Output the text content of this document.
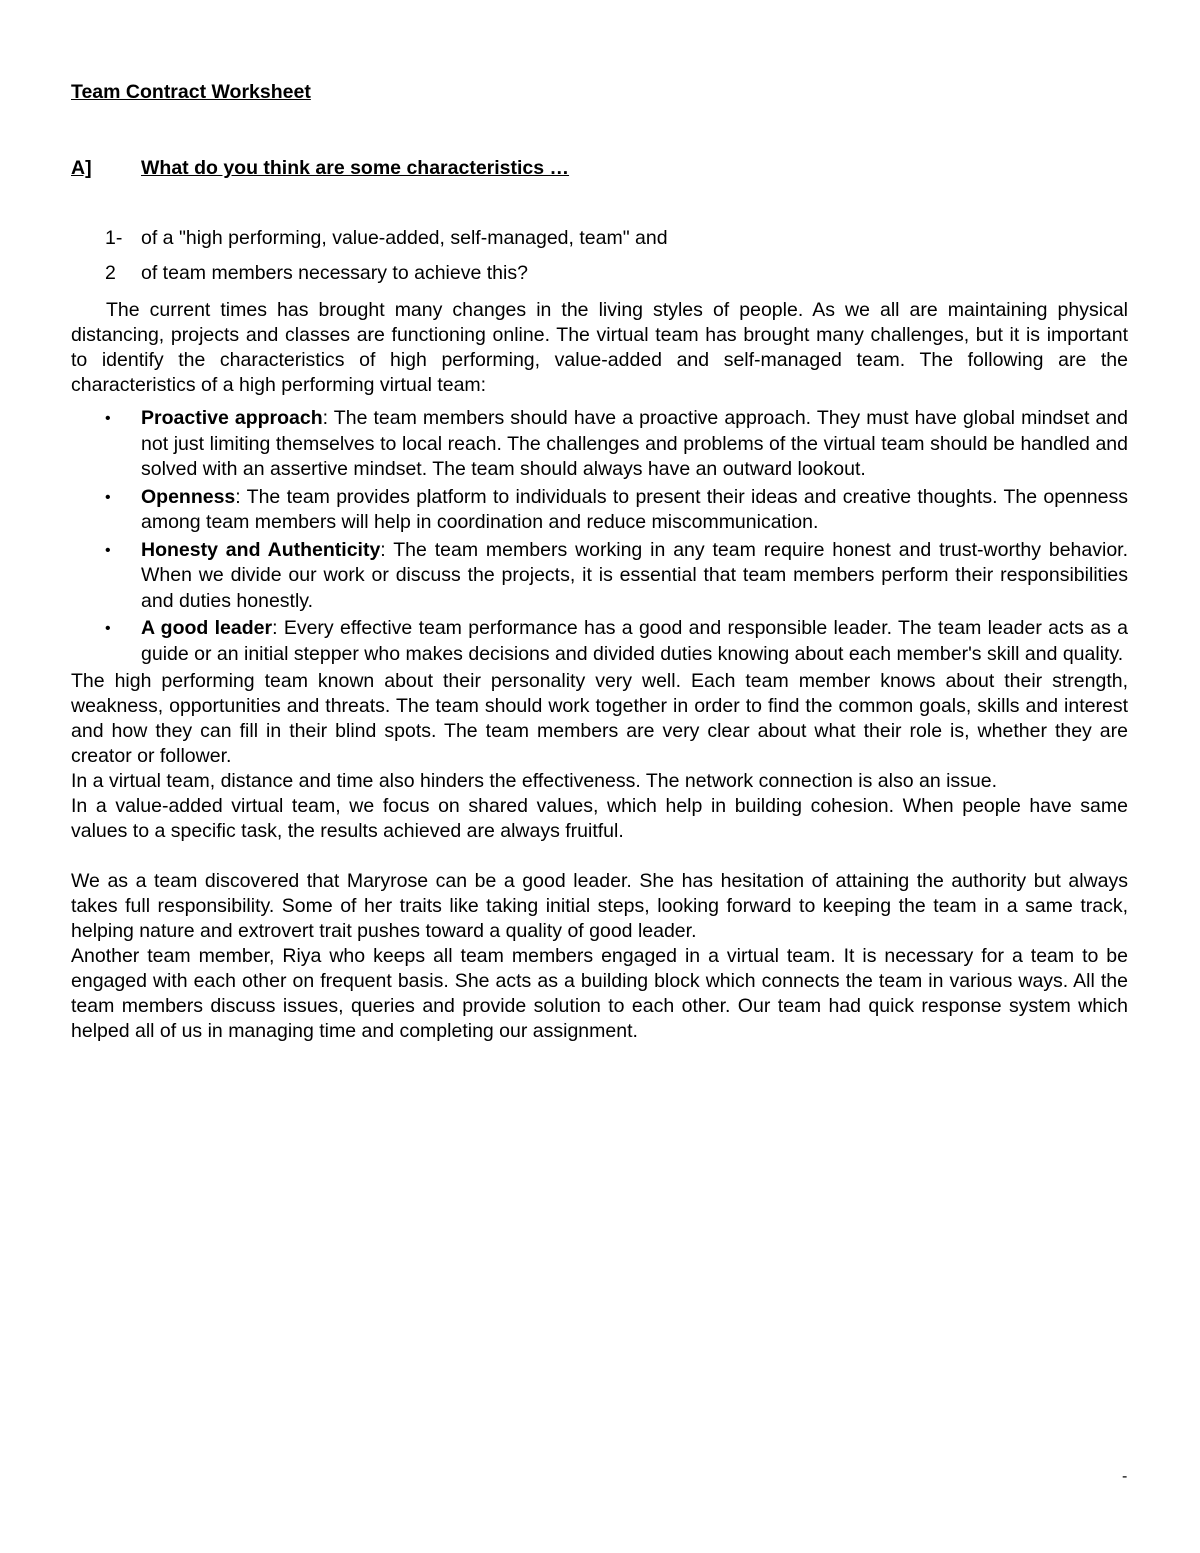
Team Contract Worksheet
A]	What do you think are some characteristics …
1- of a "high performing, value-added, self-managed, team" and
2	of team members necessary to achieve this?

The current times has brought many changes in the living styles of people. As we all are maintaining physical distancing, projects and classes are functioning online. The virtual team has brought many challenges, but it is important to identify the characteristics of high performing, value-added and self-managed team. The following are the characteristics of a high performing virtual team:

•	Proactive approach: The team members should have a proactive approach. They must have global mindset and not just limiting themselves to local reach. The challenges and problems of the virtual team should be handled and solved with an assertive mindset. The team should always have an outward lookout.
•	Openness: The team provides platform to individuals to present their ideas and creative thoughts. The openness among team members will help in coordination and reduce miscommunication.
•	Honesty and Authenticity: The team members working in any team require honest and trust-worthy behavior. When we divide our work or discuss the projects, it is essential that team members perform their responsibilities and duties honestly.
•	A good leader: Every effective team performance has a good and responsible leader. The team leader acts as a guide or an initial stepper who makes decisions and divided duties knowing about each member's skill and quality.

The high performing team known about their personality very well. Each team member knows about their strength, weakness, opportunities and threats. The team should work together in order to find the common goals, skills and interest and how they can fill in their blind spots. The team members are very clear about what their role is, whether they are creator or follower.

In a virtual team, distance and time also hinders the effectiveness. The network connection is also an issue.

In a value-added virtual team, we focus on shared values, which help in building cohesion. When people have same values to a specific task, the results achieved are always fruitful.

We as a team discovered that Maryrose can be a good leader. She has hesitation of attaining the authority but always takes full responsibility. Some of her traits like taking initial steps, looking forward to keeping the team in a same track, helping nature and extrovert trait pushes toward a quality of good leader.

Another team member, Riya who keeps all team members engaged in a virtual team. It is necessary for a team to be engaged with each other on frequent basis. She acts as a building block which connects the team in various ways. All the team members discuss issues, queries and provide solution to each other. Our team had quick response system which helped all of us in managing time and completing our assignment.

-
